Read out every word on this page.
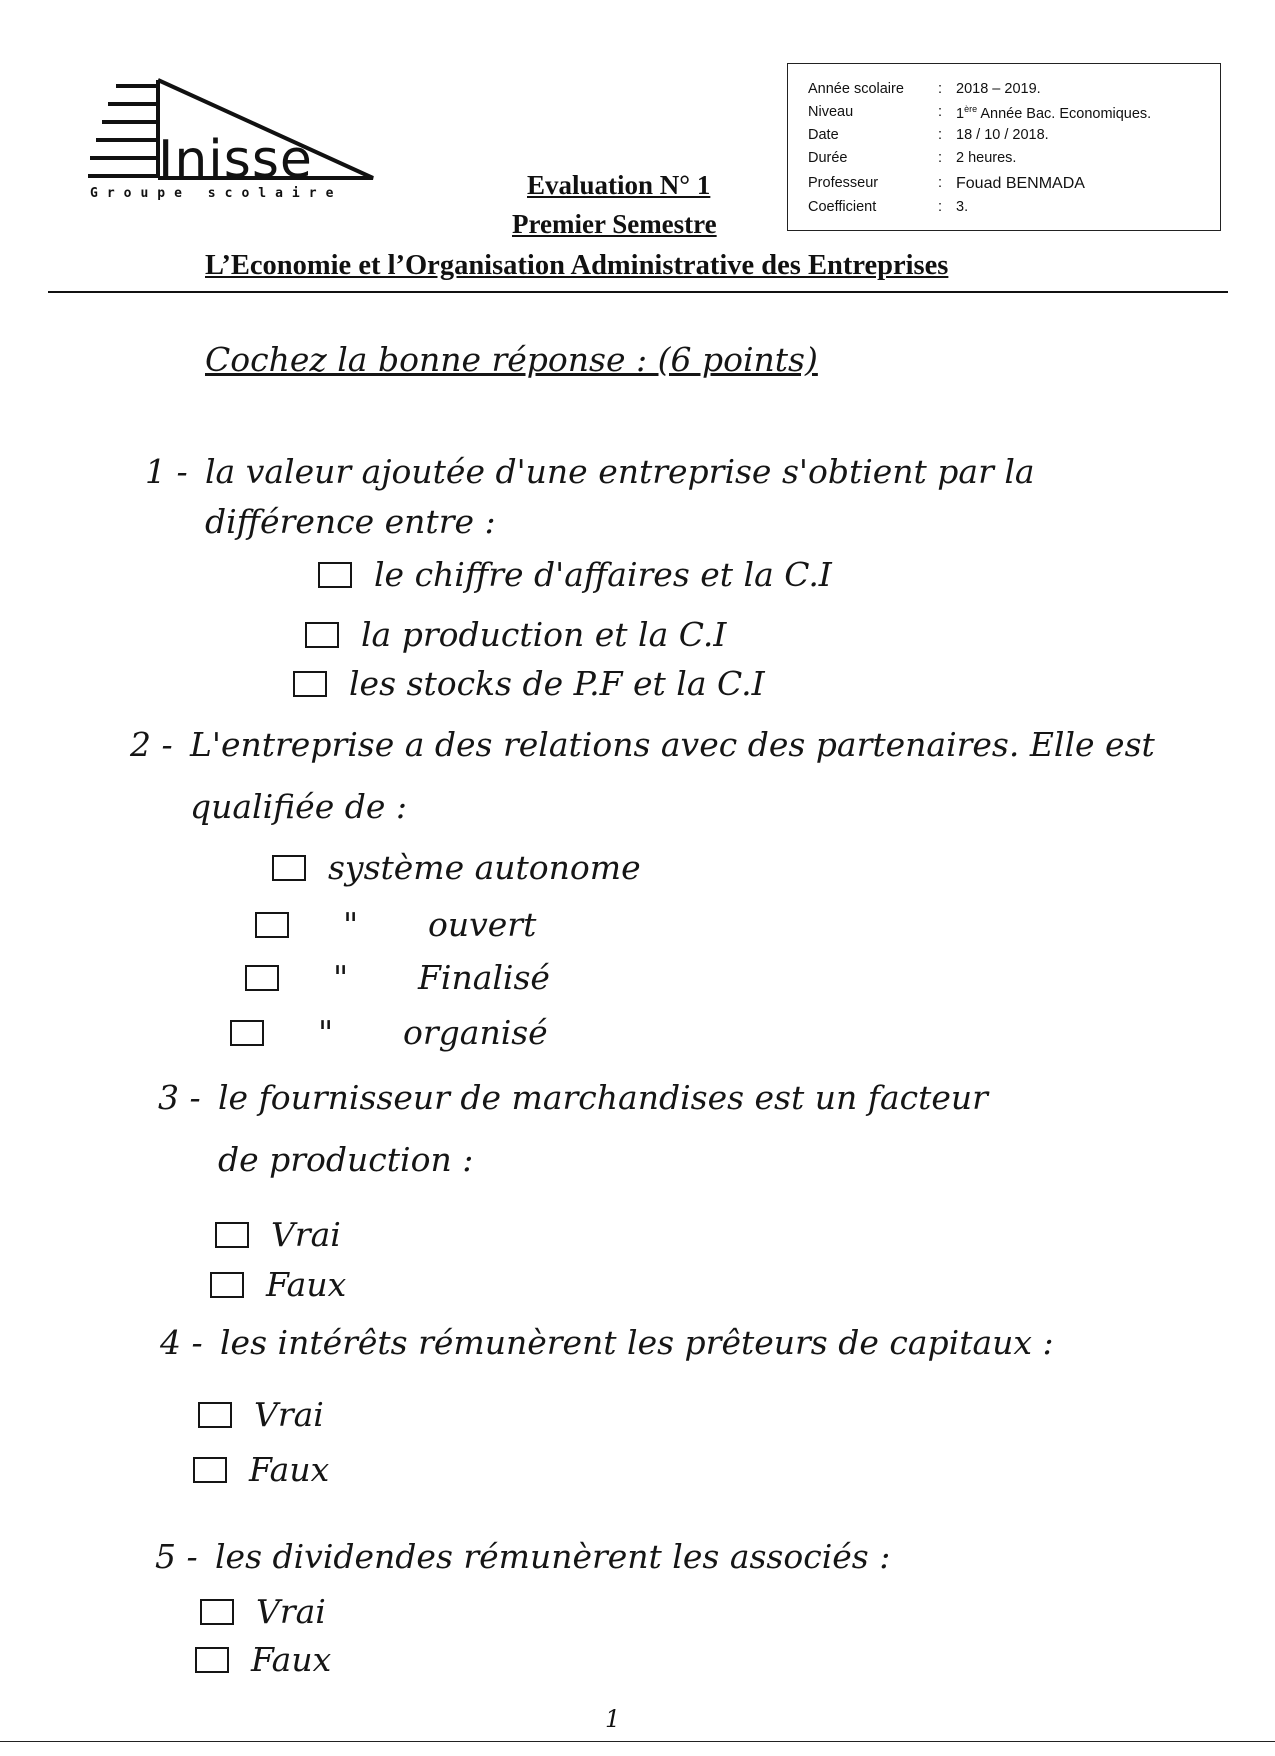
Inisse
Groupe scolaire
Année scolaire : 2018 – 2019.
Niveau	: 1ère Année Bac. Economiques.
Date	: 18 / 10 / 2018.
Durée	: 2 heures.
Professeur	: Fouad BENMADA
Coefficient	: 3.
Evaluation N° 1
Premier Semestre
L’Economie et l’Organisation Administrative des Entreprises
Cochez la bonne réponse : (6 points)
1 - la valeur ajoutée d'une entreprise s'obtient par la
différence entre :
le chiffre d'affaires et la C.I
la production et la C.I
les stocks de P.F et la C.I
2 - L'entreprise a des relations avec des partenaires. Elle est
qualifiée de :
système autonome
" ouvert
" Finalisé
" organisé
3 - le fournisseur de marchandises est un facteur
de production :
Vrai
Faux
4 - les intérêts rémunèrent les prêteurs de capitaux :
Vrai
Faux
5 - les dividendes rémunèrent les associés :
Vrai
Faux
1
